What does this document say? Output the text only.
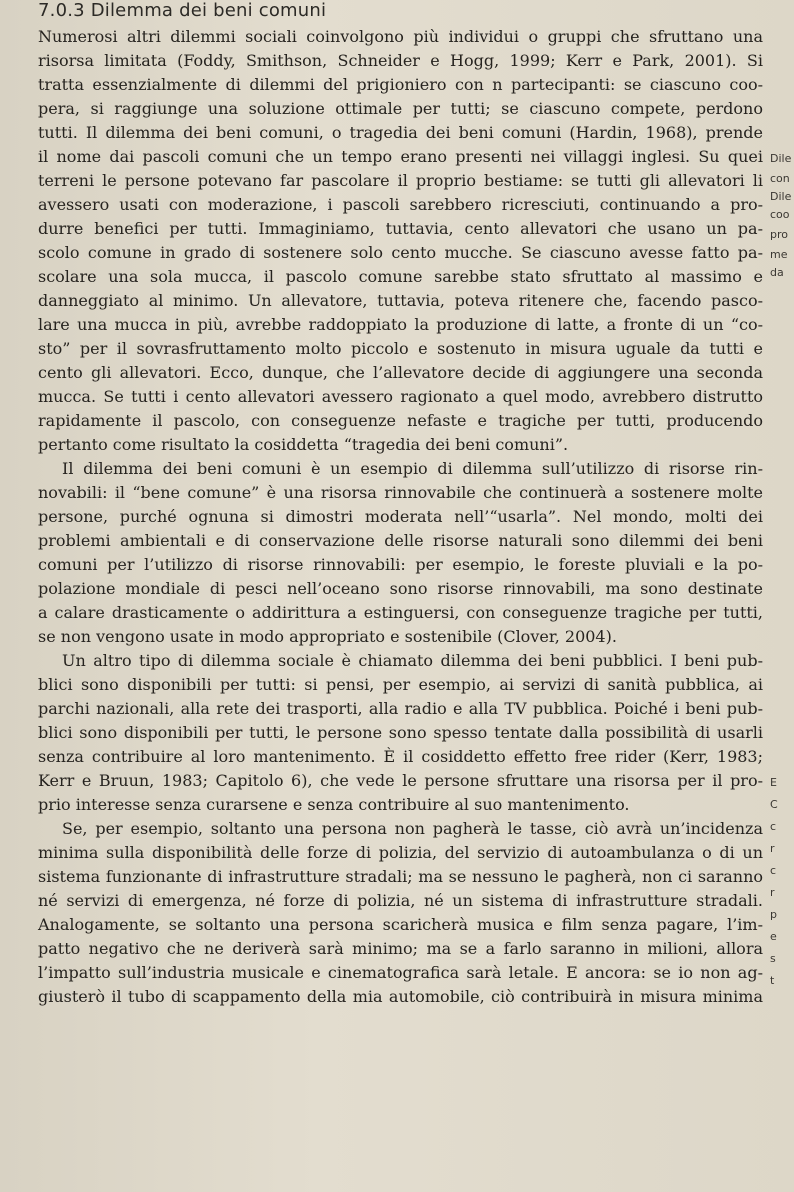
7.0.3 Dilemma dei beni comuni
Numerosi altri dilemmi sociali coinvolgono più individui o gruppi che sfruttano una
risorsa limitata (Foddy, Smithson, Schneider e Hogg, 1999; Kerr e Park, 2001). Si
tratta essenzialmente di dilemmi del prigioniero con n partecipanti: se ciascuno coo-
pera, si raggiunge una soluzione ottimale per tutti; se ciascuno compete, perdono
tutti. Il dilemma dei beni comuni, o tragedia dei beni comuni (Hardin, 1968), prende
il nome dai pascoli comuni che un tempo erano presenti nei villaggi inglesi. Su quei
terreni le persone potevano far pascolare il proprio bestiame: se tutti gli allevatori li
avessero usati con moderazione, i pascoli sarebbero ricresciuti, continuando a pro-
durre benefici per tutti. Immaginiamo, tuttavia, cento allevatori che usano un pa-
scolo comune in grado di sostenere solo cento mucche. Se ciascuno avesse fatto pa-
scolare una sola mucca, il pascolo comune sarebbe stato sfruttato al massimo e
danneggiato al minimo. Un allevatore, tuttavia, poteva ritenere che, facendo pasco-
lare una mucca in più, avrebbe raddoppiato la produzione di latte, a fronte di un “co-
sto” per il sovrasfruttamento molto piccolo e sostenuto in misura uguale da tutti e
cento gli allevatori. Ecco, dunque, che l’allevatore decide di aggiungere una seconda
mucca. Se tutti i cento allevatori avessero ragionato a quel modo, avrebbero distrutto
rapidamente il pascolo, con conseguenze nefaste e tragiche per tutti, producendo
pertanto come risultato la cosiddetta “tragedia dei beni comuni”.
Il dilemma dei beni comuni è un esempio di dilemma sull’utilizzo di risorse rin-
novabili: il “bene comune” è una risorsa rinnovabile che continuerà a sostenere molte
persone, purché ognuna si dimostri moderata nell’“usarla”. Nel mondo, molti dei
problemi ambientali e di conservazione delle risorse naturali sono dilemmi dei beni
comuni per l’utilizzo di risorse rinnovabili: per esempio, le foreste pluviali e la po-
polazione mondiale di pesci nell’oceano sono risorse rinnovabili, ma sono destinate
a calare drasticamente o addirittura a estinguersi, con conseguenze tragiche per tutti,
se non vengono usate in modo appropriato e sostenibile (Clover, 2004).
Un altro tipo di dilemma sociale è chiamato dilemma dei beni pubblici. I beni pub-
blici sono disponibili per tutti: si pensi, per esempio, ai servizi di sanità pubblica, ai
parchi nazionali, alla rete dei trasporti, alla radio e alla TV pubblica. Poiché i beni pub-
blici sono disponibili per tutti, le persone sono spesso tentate dalla possibilità di usarli
senza contribuire al loro mantenimento. È il cosiddetto effetto free rider (Kerr, 1983;
Kerr e Bruun, 1983; Capitolo 6), che vede le persone sfruttare una risorsa per il pro-
prio interesse senza curarsene e senza contribuire al suo mantenimento.
Se, per esempio, soltanto una persona non pagherà le tasse, ciò avrà un’incidenza
minima sulla disponibilità delle forze di polizia, del servizio di autoambulanza o di un
sistema funzionante di infrastrutture stradali; ma se nessuno le pagherà, non ci saranno
né servizi di emergenza, né forze di polizia, né un sistema di infrastrutture stradali.
Analogamente, se soltanto una persona scaricherà musica e film senza pagare, l’im-
patto negativo che ne deriverà sarà minimo; ma se a farlo saranno in milioni, allora
l’impatto sull’industria musicale e cinematografica sarà letale. E ancora: se io non ag-
giusterò il tubo di scappamento della mia automobile, ciò contribuirà in misura minima
Dile
con
Dile
coo
pro
me
da
E
C
c
r
c
r
p
e
s
t
